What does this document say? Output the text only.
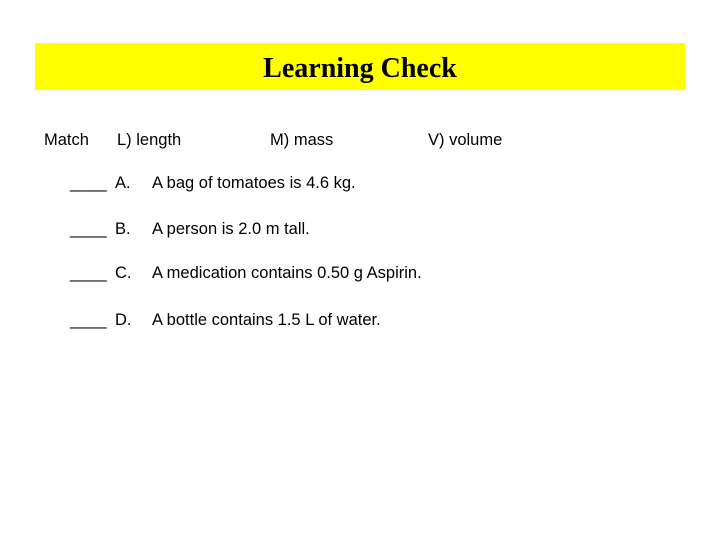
Learning Check
Match L) length	M) mass	V) volume
____ A. A bag of tomatoes is 4.6 kg.
____ B. A person is 2.0 m tall.
____ C. A medication contains 0.50 g Aspirin.
____ D. A bottle contains 1.5 L of water.
